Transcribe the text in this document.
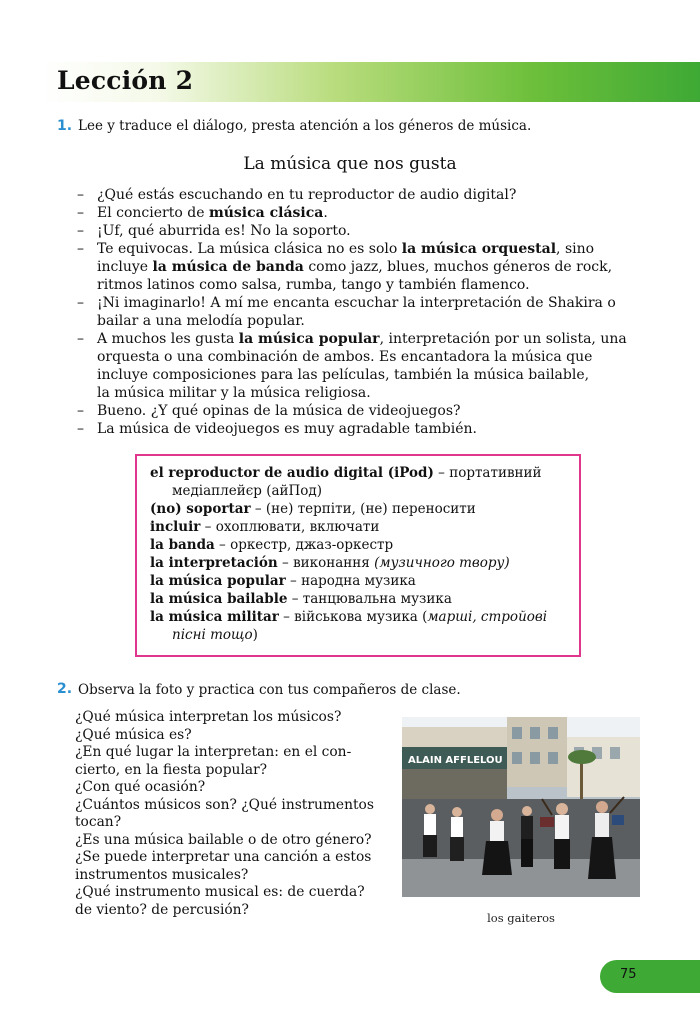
Lección 2
1. Lee y traduce el diálogo, presta atención a los géneros de música.
La música que nos gusta
– ¿Qué estás escuchando en tu reproductor de audio digital?
– El concierto de música clásica.
– ¡Uf, qué aburrida es! No la soporto.
– Te equivocas. La música clásica no es solo la música orquestal, sino
incluye la música de banda como jazz, blues, muchos géneros de rock,
ritmos latinos como salsa, rumba, tango y también flamenco.
– ¡Ni imaginarlo! A mí me encanta escuchar la interpretación de Shakira o
bailar a una melodía popular.
– A muchos les gusta la música popular, interpretación por un solista, una
orquesta o una combinación de ambos. Es encantadora la música que
incluye composiciones para las películas, también la música bailable,
la música militar y la música religiosa.
– Bueno. ¿Y qué opinas de la música de videojuegos?
– La música de videojuegos es muy agradable también.
el reproductor de audio digital (iPod) – портативний
медіаплейєр (айПод)
(no) soportar – (не) терпіти, (не) переносити
incluir – охоплювати, включати
la banda – оркестр, джаз-оркестр
la interpretación – виконання (музичного твору)
la música popular – народна музика
la música bailable – танцювальна музика
la música militar – військова музика (марші, стройові
пісні тощо)
2. Observa la foto y practica con tus compañeros de clase.
¿Qué música interpretan los músicos?
¿Qué música es?
¿En qué lugar la interpretan: en el con-
cierto, en la fiesta popular?
¿Con qué ocasión?
¿Cuántos músicos son? ¿Qué instrumentos
tocan?
¿Es una música bailable o de otro género?
¿Se puede interpretar una canción a estos
instrumentos musicales?
¿Qué instrumento musical es: de cuerda?
de viento? de percusión?
ALAIN AFFLELOU
los gaiteros
75
